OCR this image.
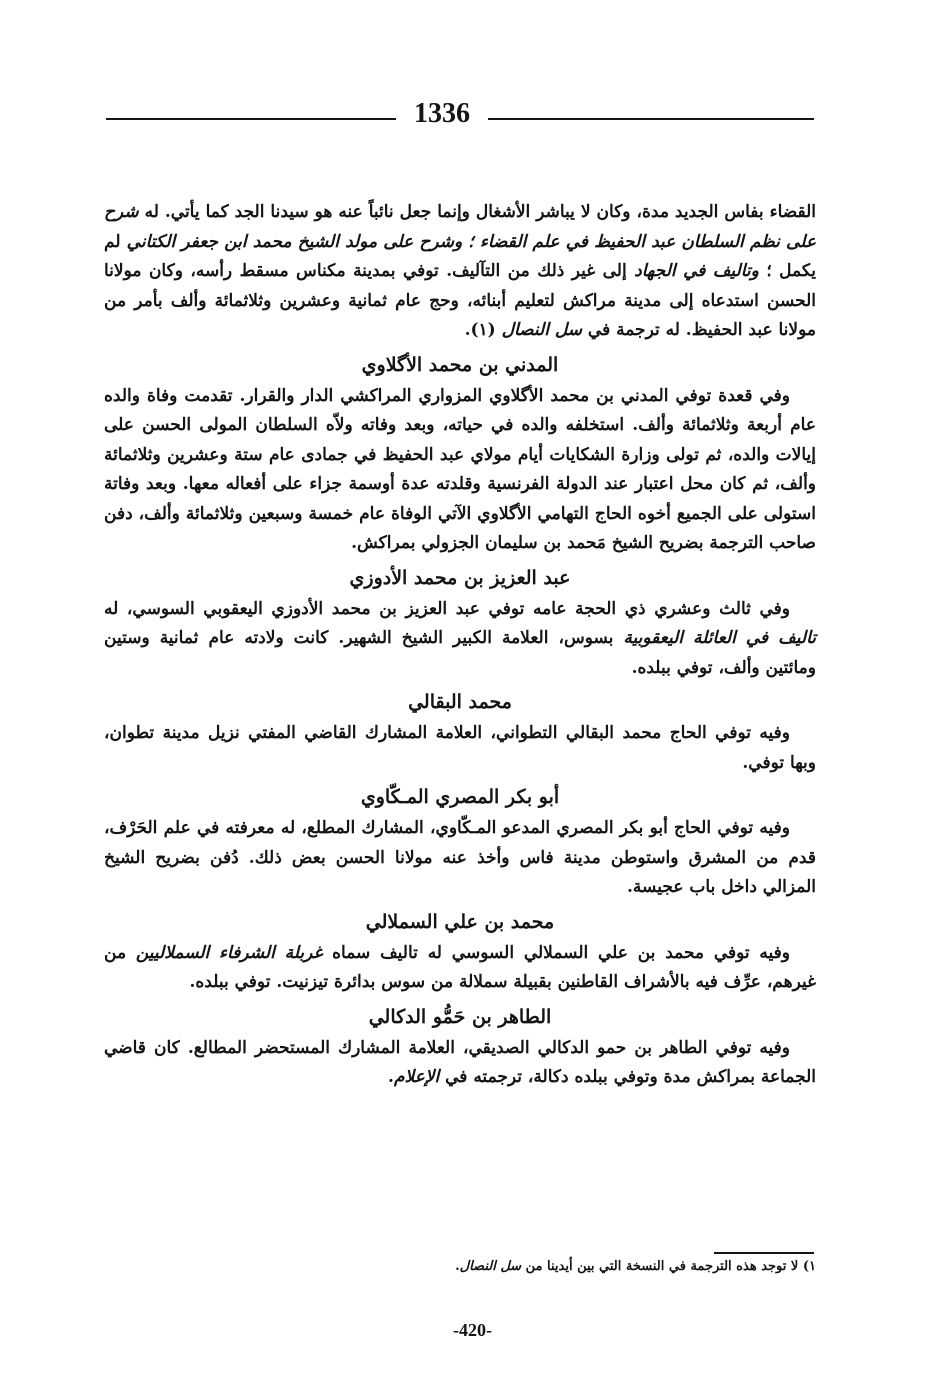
1336

القضاء بفاس الجديد مدة، وكان لا يباشر الأشغال وإنما جعل نائباً عنه هو سيدنا الجد كما يأتي. له شرح على نظم السلطان عبد الحفيظ في علم القضاء ؛ وشرح على مولد الشيخ محمد ابن جعفر الكتاني لم يكمل ؛ وتاليف في الجهاد إلى غير ذلك من التآليف. توفي بمدينة مكناس مسقط رأسه، وكان مولانا الحسن استدعاه إلى مدينة مراكش لتعليم أبنائه، وحج عام ثمانية وعشرين وثلاثمائة وألف بأمر من مولانا عبد الحفيظ. له ترجمة في سل النصال (١).

المدني بن محمد الأگلاوي

وفي قعدة توفي المدني بن محمد الأگلاوي المزواري المراكشي الدار والقرار. تقدمت وفاة والده عام أربعة وثلاثمائة وألف. استخلفه والده في حياته، وبعد وفاته ولاّه السلطان المولى الحسن على إيالات والده، ثم تولى وزارة الشكايات أيام مولاي عبد الحفيظ في جمادى عام ستة وعشرين وثلاثمائة وألف، ثم كان محل اعتبار عند الدولة الفرنسية وقلدته عدة أوسمة جزاء على أفعاله معها. وبعد وفاتة استولى على الجميع أخوه الحاج التهامي الأگلاوي الآتي الوفاة عام خمسة وسبعين وثلاثمائة وألف، دفن صاحب الترجمة بضريح الشيخ مَحمد بن سليمان الجزولي بمراكش.

عبد العزيز بن محمد الأدوزي

وفي ثالث وعشري ذي الحجة عامه توفي عبد العزيز بن محمد الأدوزي اليعقوبي السوسي، له تاليف في العائلة اليعقوبية بسوس، العلامة الكبير الشيخ الشهير. كانت ولادته عام ثمانية وستين ومائتين وألف، توفي ببلده.

محمد البقالي

وفيه توفي الحاج محمد البقالي التطواني، العلامة المشارك القاضي المفتي نزيل مدينة تطوان، وبها توفي.

أبو بكر المصري المـكّاوي

وفيه توفي الحاج أبو بكر المصري المدعو المـكّاوي، المشارك المطلع، له معرفته في علم الحَرْف، قدم من المشرق واستوطن مدينة فاس وأخذ عنه مولانا الحسن بعض ذلك. دُفن بضريح الشيخ المزالي داخل باب عجيسة.

محمد بن علي السملالي

وفيه توفي محمد بن علي السملالي السوسي له تاليف سماه غربلة الشرفاء السملاليين من غيرهم، عرِّف فيه بالأشراف القاطنين بقبيلة سملالة من سوس بدائرة تيزنيت. توفي ببلده.

الطاهر بن حَمُّو الدكالي

وفيه توفي الطاهر بن حمو الدكالي الصديقي، العلامة المشارك المستحضر المطالع. كان قاضي الجماعة بمراكش مدة وتوفي ببلده دكالة، ترجمته في الإعلام.

١) لا توجد هذه الترجمة في النسخة التي بين أيدينا من سل النصال.
-420-
